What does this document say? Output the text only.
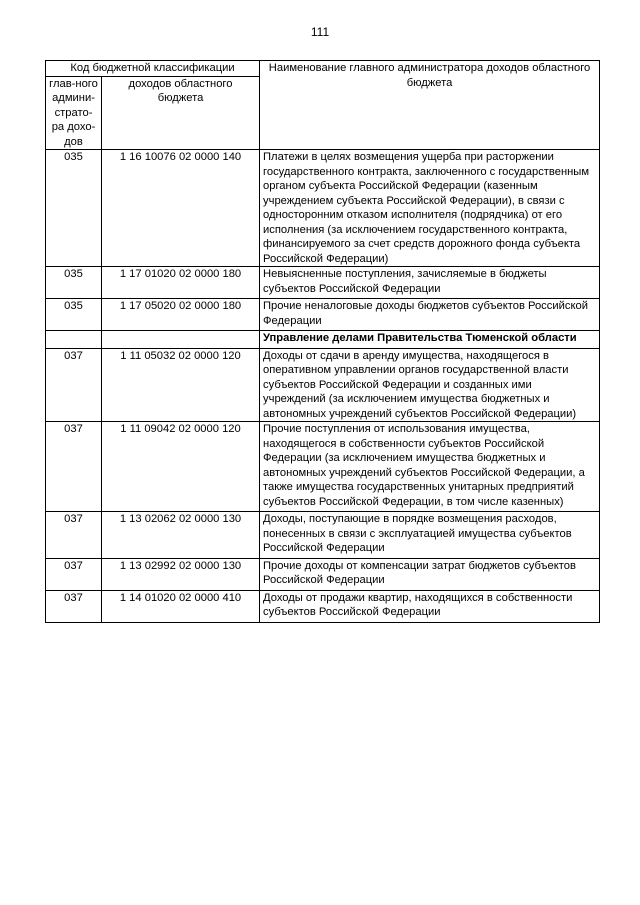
111
Код бюджетной классификации		Наименование главного администратора доходов областного бюджета
глав-ного админи-страто-ра дохо-дов	доходов областного бюджета	
035	1 16 10076 02 0000 140	Платежи в целях возмещения ущерба при расторжении государственного контракта, заключенного с государственным органом субъекта Российской Федерации (казенным учреждением субъекта Российской Федерации), в связи с односторонним отказом исполнителя (подрядчика) от его исполнения (за исключением государственного контракта, финансируемого за счет средств дорожного фонда субъекта Российской Федерации)
035	1 17 01020 02 0000 180	Невыясненные поступления, зачисляемые в бюджеты субъектов Российской Федерации
035	1 17 05020 02 0000 180	Прочие неналоговые доходы бюджетов субъектов Российской Федерации
		Управление делами Правительства Тюменской области
037	1 11 05032 02 0000 120	Доходы от сдачи в аренду имущества, находящегося в оперативном управлении органов государственной власти субъектов Российской Федерации и созданных ими учреждений (за исключением имущества бюджетных и автономных учреждений субъектов Российской Федерации)
037	1 11 09042 02 0000 120	Прочие поступления от использования имущества, находящегося в собственности субъектов Российской Федерации (за исключением имущества бюджетных и автономных учреждений субъектов Российской Федерации, а также имущества государственных унитарных предприятий субъектов Российской Федерации, в том числе казенных)
037	1 13 02062 02 0000 130	Доходы, поступающие в порядке возмещения расходов, понесенных в связи с эксплуатацией имущества субъектов Российской Федерации
037	1 13 02992 02 0000 130	Прочие доходы от компенсации затрат бюджетов субъектов Российской Федерации
037	1 14 01020 02 0000 410	Доходы от продажи квартир, находящихся в собственности субъектов Российской Федерации
